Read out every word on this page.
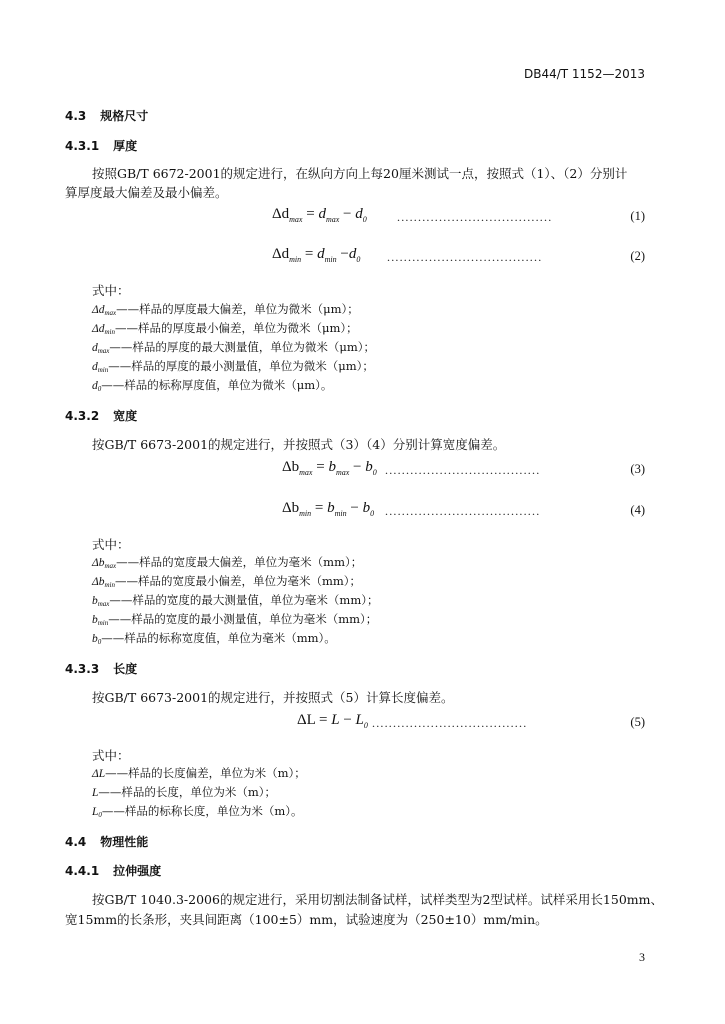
DB44/T 1152—2013
4.3 规格尺寸
4.3.1 厚度
按照GB/T 6672-2001的规定进行，在纵向方向上每20厘米测试一点，按照式（1）、（2）分别计
算厚度最大偏差及最小偏差。
$\Delta d_{max} = d_{max} - d_0$	.....................................	(1)
$\Delta d_{min} = d_{min} -d_0$ .....................................	(2)
式中：
$\Delta d_{max}——$样品的厚度最大偏差，单位为微米（μm）；
$\Delta d_{min}——$样品的厚度最小偏差，单位为微米（μm）；
$d_{max}——$样品的厚度的最大测量值，单位为微米（μm）；
$d_{min}——$样品的厚度的最小测量值，单位为微米（μm）；
$d_0——$样品的标称厚度值，单位为微米（μm）。
4.3.2 宽度
按GB/T 6673-2001的规定进行，并按照式（3）（4）分别计算宽度偏差。
$\Delta b_{max} = b_{max} - b_0$ .....................................	(3)
$\Delta b_{min} = b_{min} - b_0$ .....................................	(4)
式中：
$\Delta b_{max}——$样品的宽度最大偏差，单位为毫米（mm）；
$\Delta b_{min}——$样品的宽度最小偏差，单位为毫米（mm）；
$b_{max}——$样品的宽度的最大测量值，单位为毫米（mm）；
$b_{min}——$样品的宽度的最小测量值，单位为毫米（mm）；
$b_0——$样品的标称宽度值，单位为毫米（mm）。
4.3.3 长度
按GB/T 6673-2001的规定进行，并按照式（5）计算长度偏差。
$\Delta L = L - L_0$ .....................................	(5)
式中：
ΔL——样品的长度偏差，单位为米（m）；
L——样品的长度，单位为米（m）；
$L_0——$样品的标称长度，单位为米（m）。
4.4 物理性能
4.4.1 拉伸强度
按GB/T 1040.3-2006的规定进行，采用切割法制备试样，试样类型为2型试样。试样采用长150mm、
宽15mm的长条形，夹具间距离（100±5）mm，试验速度为（250±10）mm/min。
3
